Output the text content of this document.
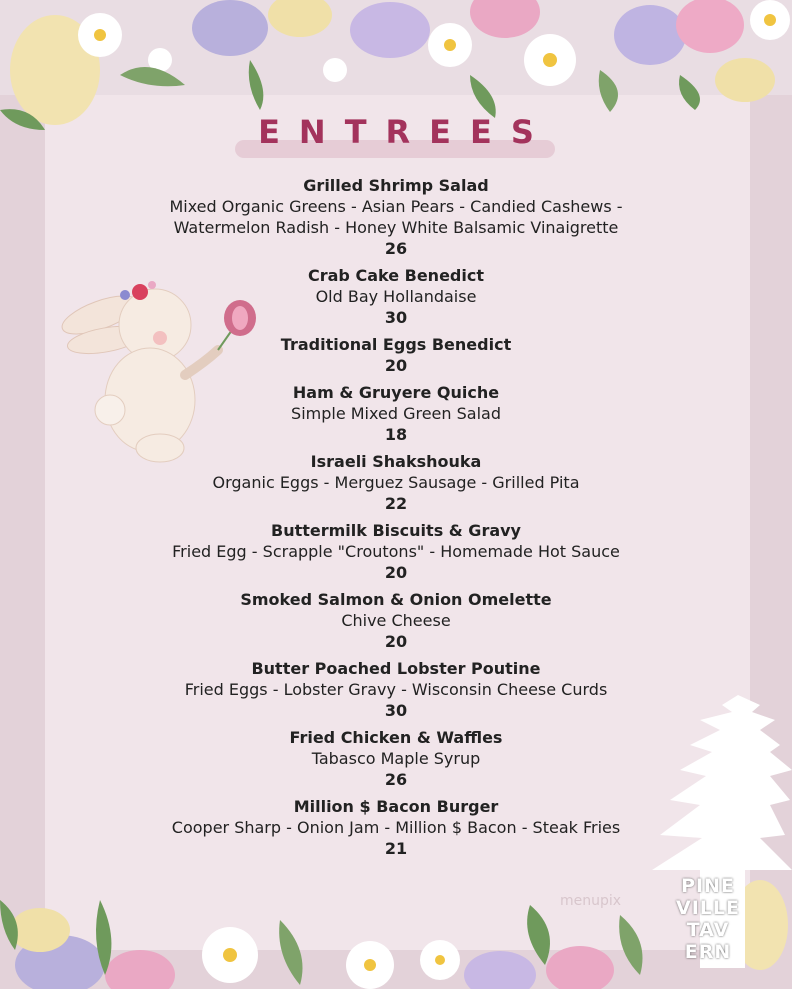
ENTREES
Grilled Shrimp Salad
Mixed Organic Greens - Asian Pears - Candied Cashews -
Watermelon Radish - Honey White Balsamic Vinaigrette
26
Crab Cake Benedict
Old Bay Hollandaise
30
Traditional Eggs Benedict
20
Ham & Gruyere Quiche
Simple Mixed Green Salad
18
Israeli Shakshouka
Organic Eggs - Merguez Sausage - Grilled Pita
22
Buttermilk Biscuits & Gravy
Fried Egg - Scrapple "Croutons" - Homemade Hot Sauce
20
Smoked Salmon & Onion Omelette
Chive Cheese
20
Butter Poached Lobster Poutine
Fried Eggs - Lobster Gravy - Wisconsin Cheese Curds
30
Fried Chicken & Waffles
Tabasco Maple Syrup
26
Million $ Bacon Burger
Cooper Sharp - Onion Jam - Million $ Bacon - Steak Fries
21
menupix
PINE
VILLE
TAV
ERN
